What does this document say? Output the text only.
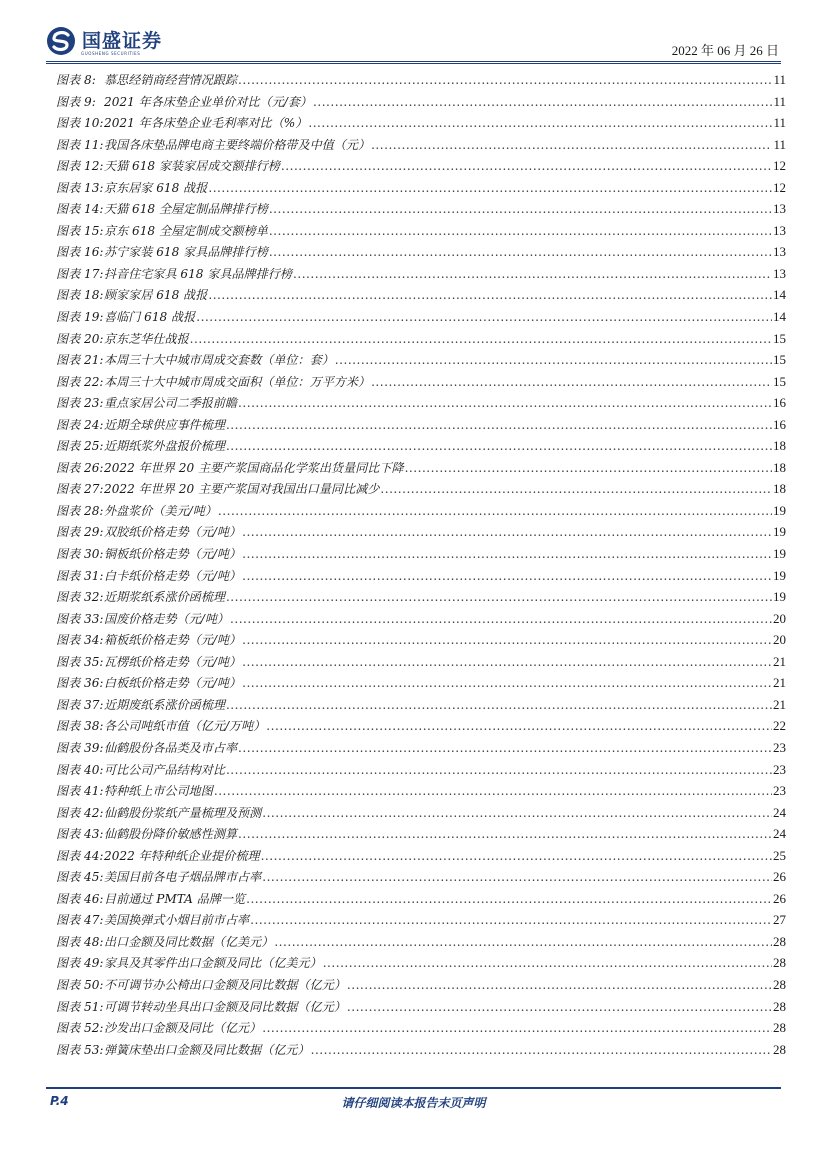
国盛证券
GUOSHENG SECURITIES	2022 年 06 月 26 日
图表 8: 慕思经销商经营情况跟踪 .....	11
图表 9: 2021 年各床垫企业单价对比（元/套） .....	11
图表 10: 2021 年各床垫企业毛利率对比（%） .....	11
图表 11: 我国各床垫品牌电商主要终端价格带及中值（元） .....	11
图表 12: 天猫 618 家装家居成交额排行榜 .....	12
图表 13: 京东居家 618 战报 .....	12
图表 14: 天猫 618 全屋定制品牌排行榜 .....	13
图表 15: 京东 618 全屋定制成交额榜单 .....	13
图表 16: 苏宁家装 618 家具品牌排行榜 .....	13
图表 17: 抖音住宅家具 618 家具品牌排行榜 .....	13
图表 18: 顾家家居 618 战报 .....	14
图表 19: 喜临门 618 战报 .....	14
图表 20: 京东芝华仕战报 .....	15
图表 21: 本周三十大中城市周成交套数（单位：套） .....	15
图表 22: 本周三十大中城市周成交面积（单位：万平方米） .....	15
图表 23: 重点家居公司二季报前瞻 .....	16
图表 24: 近期全球供应事件梳理 .....	16
图表 25: 近期纸浆外盘报价梳理 .....	18
图表 26: 2022 年世界 20 主要产浆国商品化学浆出货量同比下降 .....	18
图表 27: 2022 年世界 20 主要产浆国对我国出口量同比减少 .....	18
图表 28: 外盘浆价（美元/吨） .....	19
图表 29: 双胶纸价格走势（元/吨） .....	19
图表 30: 铜板纸价格走势（元/吨） .....	19
图表 31: 白卡纸价格走势（元/吨） .....	19
图表 32: 近期浆纸系涨价函梳理 .....	19
图表 33: 国废价格走势（元/吨） .....	20
图表 34: 箱板纸价格走势（元/吨） .....	20
图表 35: 瓦楞纸价格走势（元/吨） .....	21
图表 36: 白板纸价格走势（元/吨） .....	21
图表 37: 近期废纸系涨价函梳理 .....	21
图表 38: 各公司吨纸市值（亿元/万吨） .....	22
图表 39: 仙鹤股份各品类及市占率 .....	23
图表 40: 可比公司产品结构对比 .....	23
图表 41: 特种纸上市公司地图 .....	23
图表 42: 仙鹤股份浆纸产量梳理及预测 .....	24
图表 43: 仙鹤股份降价敏感性测算 .....	24
图表 44: 2022 年特种纸企业提价梳理 .....	25
图表 45: 美国目前各电子烟品牌市占率 .....	26
图表 46: 目前通过 PMTA 品牌一览 .....	26
图表 47: 美国换弹式小烟目前市占率 .....	27
图表 48: 出口金额及同比数据（亿美元） .....	28
图表 49: 家具及其零件出口金额及同比（亿美元） .....	28
图表 50: 不可调节办公椅出口金额及同比数据（亿元） .....	28
图表 51: 可调节转动坐具出口金额及同比数据（亿元） .....	28
图表 52: 沙发出口金额及同比（亿元） .....	28
图表 53: 弹簧床垫出口金额及同比数据（亿元） .....	28
P.4	请仔细阅读本报告末页声明
